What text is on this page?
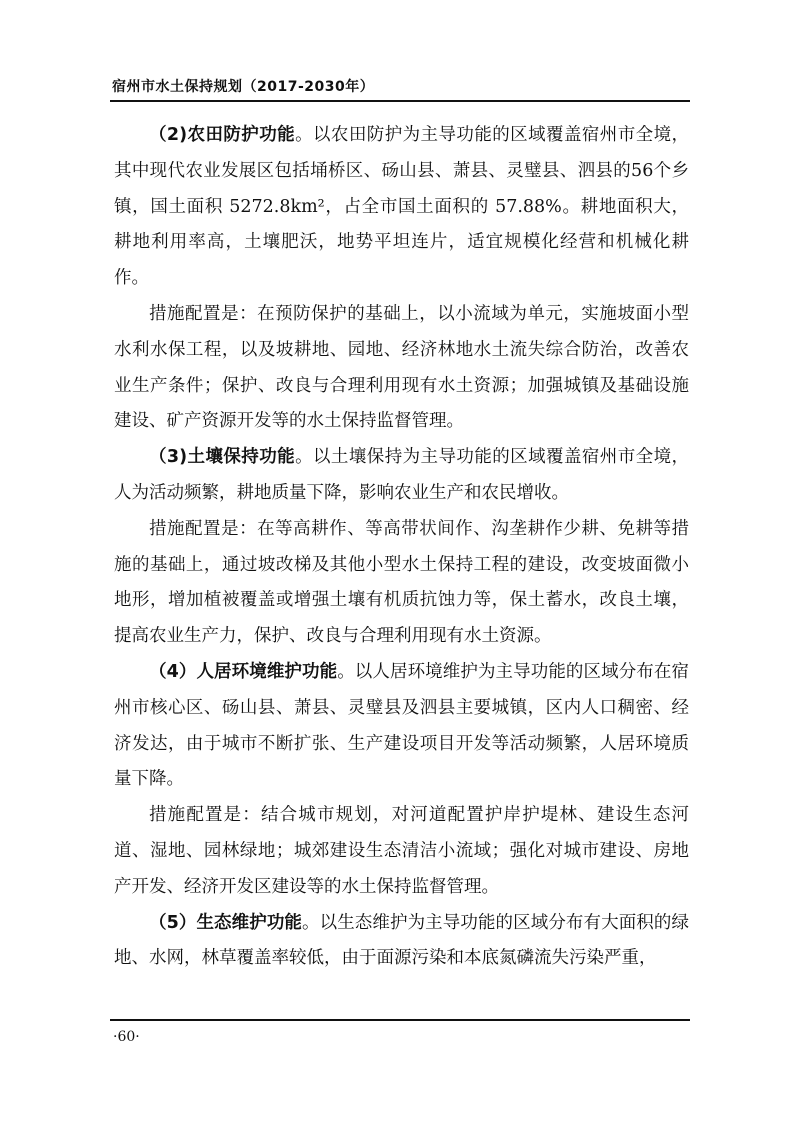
宿州市水土保持规划（2017-2030年）

（2)农田防护功能。以农田防护为主导功能的区域覆盖宿州市全境，其中现代农业发展区包括埇桥区、砀山县、萧县、灵璧县、泗县的56个乡镇，国土面积 5272.8km²，占全市国土面积的 57.88%。耕地面积大，耕地利用率高，土壤肥沃，地势平坦连片，适宜规模化经营和机械化耕作。

措施配置是：在预防保护的基础上，以小流域为单元，实施坡面小型水利水保工程，以及坡耕地、园地、经济林地水土流失综合防治，改善农业生产条件；保护、改良与合理利用现有水土资源；加强城镇及基础设施建设、矿产资源开发等的水土保持监督管理。

（3)土壤保持功能。以土壤保持为主导功能的区域覆盖宿州市全境，人为活动频繁，耕地质量下降，影响农业生产和农民增收。

措施配置是：在等高耕作、等高带状间作、沟垄耕作少耕、免耕等措施的基础上，通过坡改梯及其他小型水土保持工程的建设，改变坡面微小地形，增加植被覆盖或增强土壤有机质抗蚀力等，保土蓄水，改良土壤，提高农业生产力，保护、改良与合理利用现有水土资源。

（4）人居环境维护功能。以人居环境维护为主导功能的区域分布在宿州市核心区、砀山县、萧县、灵璧县及泗县主要城镇，区内人口稠密、经济发达，由于城市不断扩张、生产建设项目开发等活动频繁，人居环境质量下降。

措施配置是：结合城市规划，对河道配置护岸护堤林、建设生态河道、湿地、园林绿地；城郊建设生态清洁小流域；强化对城市建设、房地产开发、经济开发区建设等的水土保持监督管理。

（5）生态维护功能。以生态维护为主导功能的区域分布有大面积的绿地、水网，林草覆盖率较低，由于面源污染和本底氮磷流失污染严重，

·60·
